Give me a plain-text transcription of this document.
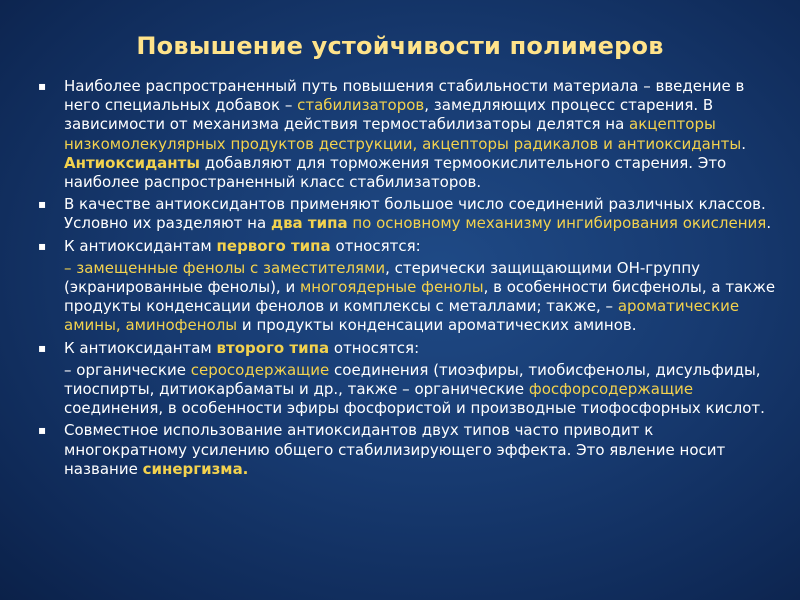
Повышение устойчивости полимеров
▪ Наиболее распространенный путь повышения стабильности материала – введение в него специальных добавок – стабилизаторов, замедляющих процесс старения. В зависимости от механизма действия термостабилизаторы делятся на акцепторы низкомолекулярных продуктов деструкции, акцепторы радикалов и антиоксиданты. Антиоксиданты добавляют для торможения термоокислительного старения. Это наиболее распространенный класс стабилизаторов.
▪ В качестве антиоксидантов применяют большое число соединений различных классов. Условно их разделяют на два типа по основному механизму ингибирования окисления.
▪ К антиоксидантам первого типа относятся:
– замещенные фенолы с заместителями, стерически защищающими ОН-группу (экранированные фенолы), и многоядерные фенолы, в особенности бисфенолы, а также продукты конденсации фенолов и комплексы с металлами; также, – ароматические амины, аминофенолы и продукты конденсации ароматических аминов.
▪ К антиоксидантам второго типа относятся:
– органические серосодержащие соединения (тиоэфиры, тиобисфенолы, дисульфиды, тиоспирты, дитиокарбаматы и др., также – органические фосфорсодержащие соединения, в особенности эфиры фосфористой и производные тиофосфорных кислот.
▪ Совместное использование антиоксидантов двух типов часто приводит к многократному усилению общего стабилизирующего эффекта. Это явление носит название синергизма.
